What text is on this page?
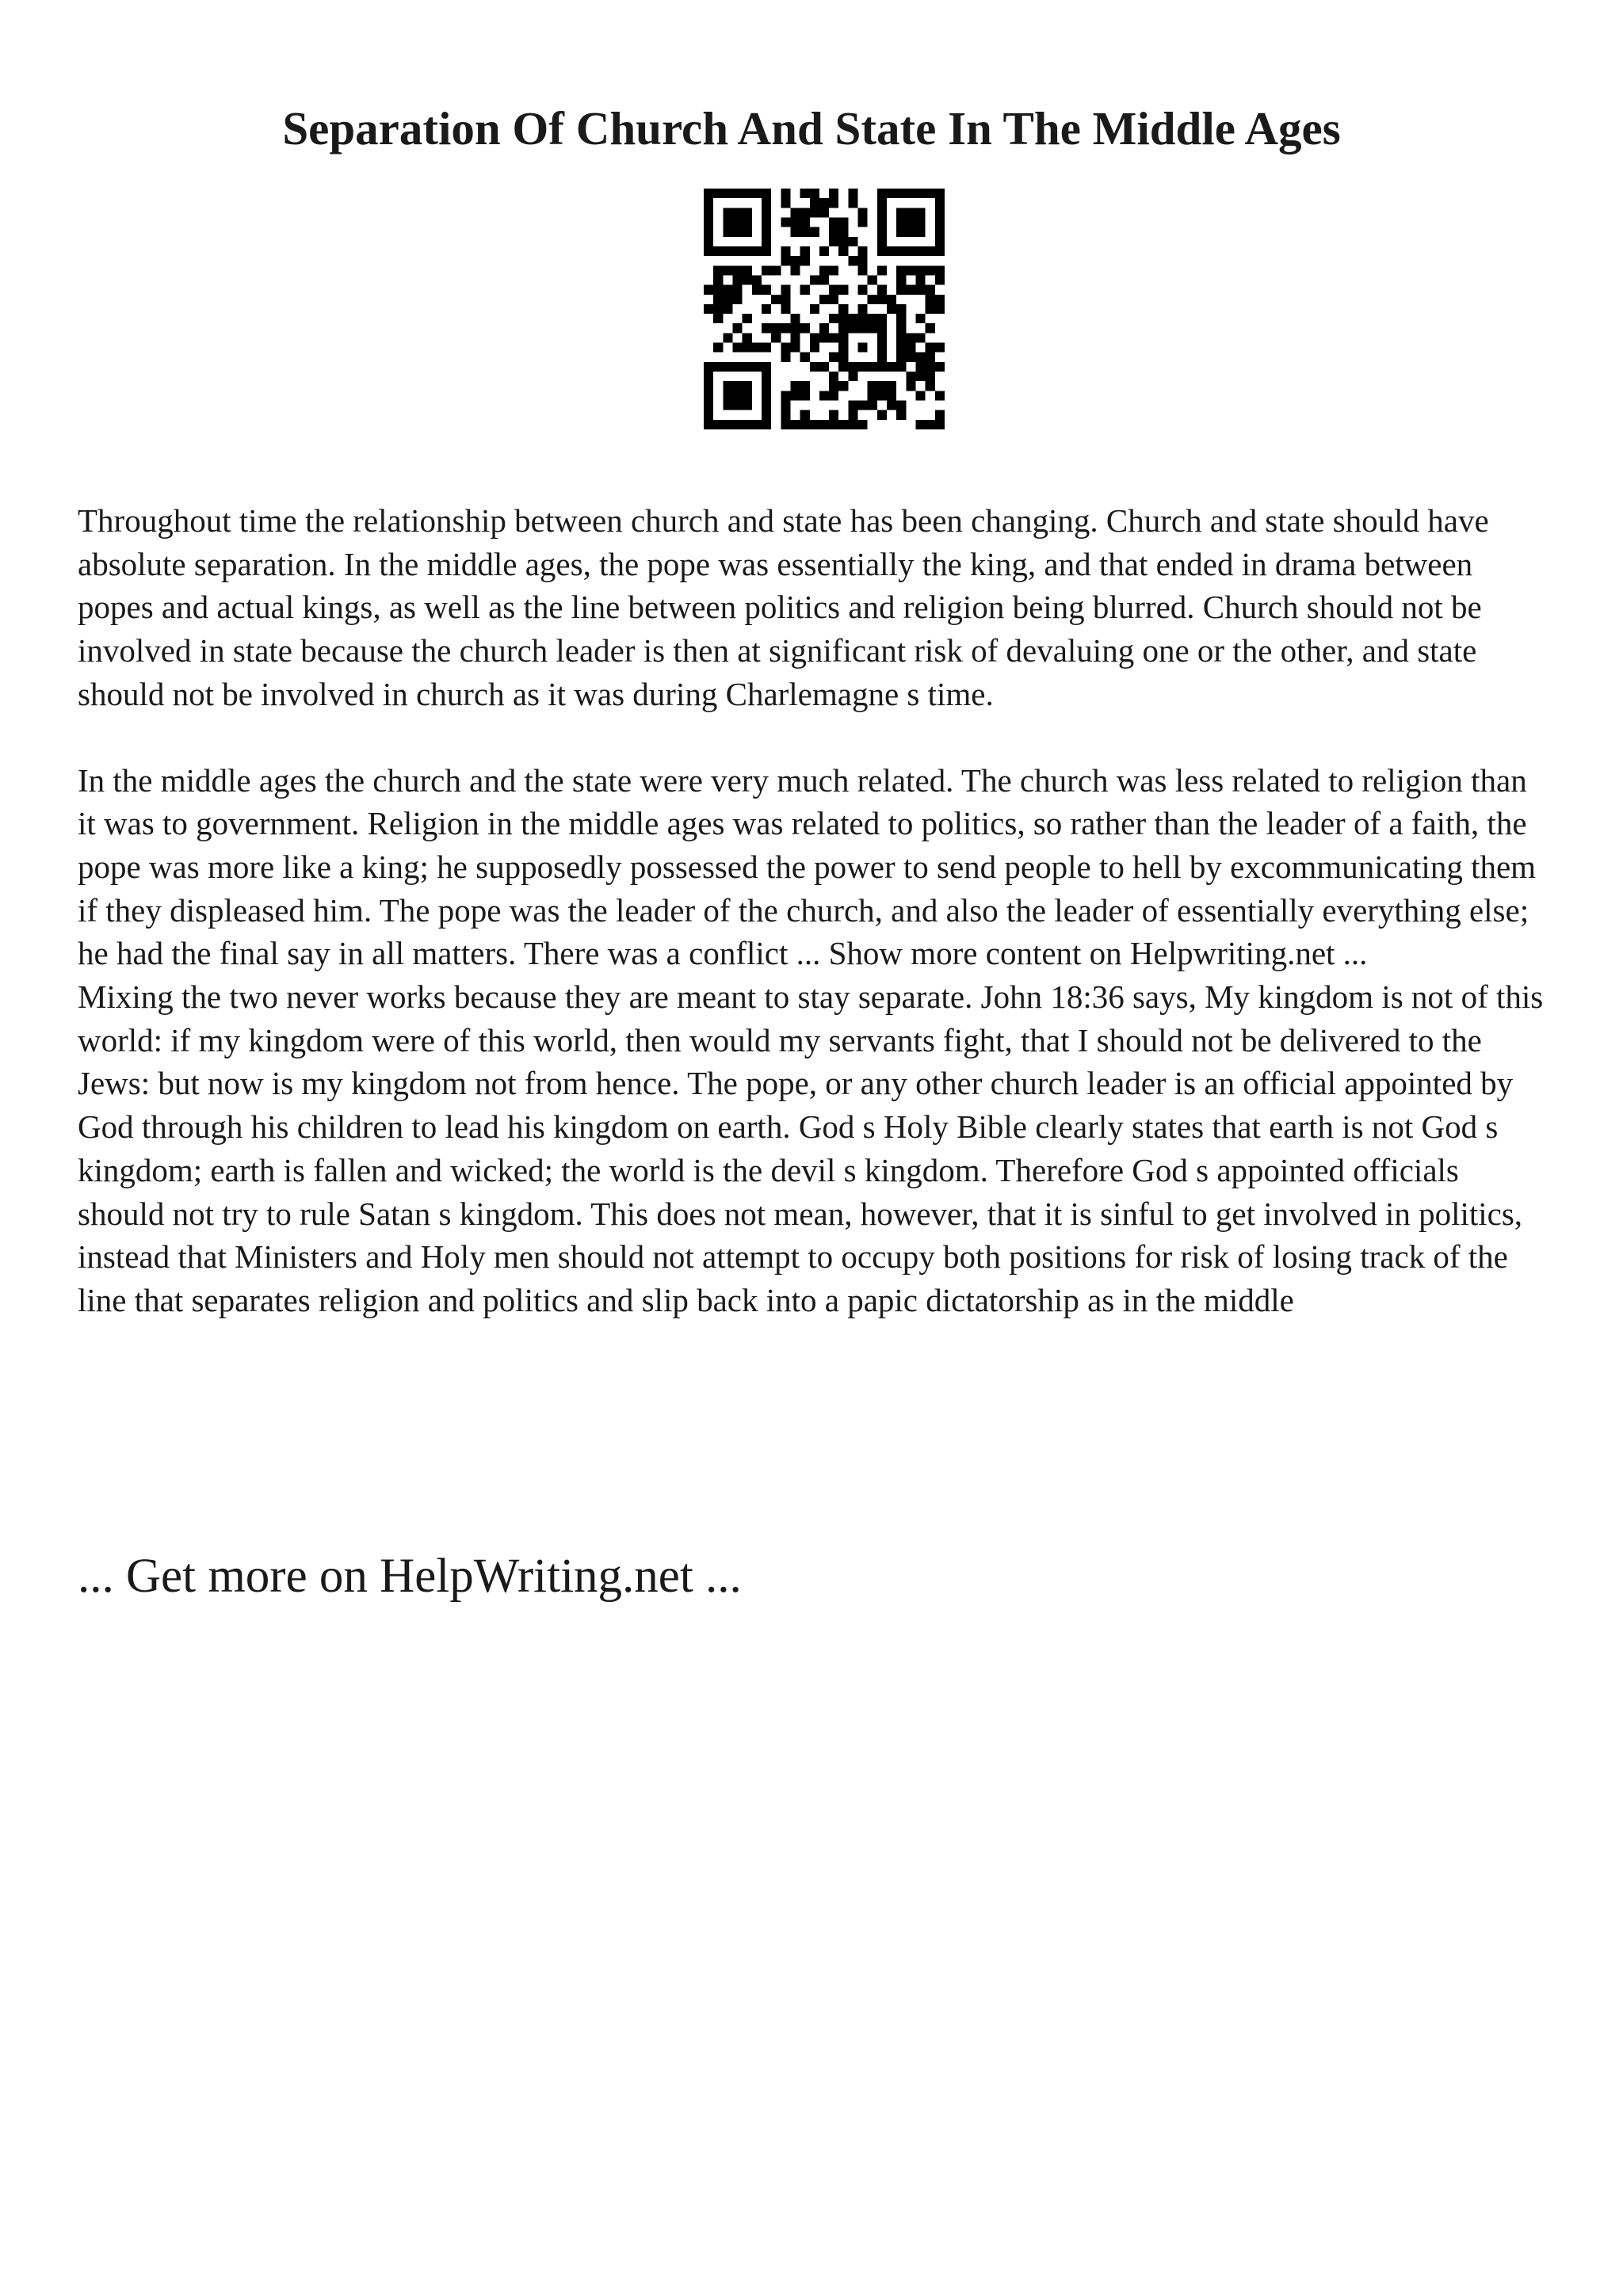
Separation Of Church And State In The Middle Ages

Throughout time the relationship between church and state has been changing. Church and state should have absolute separation. In the middle ages, the pope was essentially the king, and that ended in drama between popes and actual kings, as well as the line between politics and religion being blurred. Church should not be involved in state because the church leader is then at significant risk of devaluing one or the other, and state should not be involved in church as it was during Charlemagne s time.

In the middle ages the church and the state were very much related. The church was less related to religion than it was to government. Religion in the middle ages was related to politics, so rather than the leader of a faith, the pope was more like a king; he supposedly possessed the power to send people to hell by excommunicating them if they displeased him. The pope was the leader of the church, and also the leader of essentially everything else; he had the final say in all matters. There was a conflict ... Show more content on Helpwriting.net ...

Mixing the two never works because they are meant to stay separate. John 18:36 says, My kingdom is not of this world: if my kingdom were of this world, then would my servants fight, that I should not be delivered to the Jews: but now is my kingdom not from hence. The pope, or any other church leader is an official appointed by God through his children to lead his kingdom on earth. God s Holy Bible clearly states that earth is not God s kingdom; earth is fallen and wicked; the world is the devil s kingdom. Therefore God s appointed officials should not try to rule Satan s kingdom. This does not mean, however, that it is sinful to get involved in politics, instead that Ministers and Holy men should not attempt to occupy both positions for risk of losing track of the line that separates religion and politics and slip back into a papic dictatorship as in the middle

... Get more on HelpWriting.net ...
